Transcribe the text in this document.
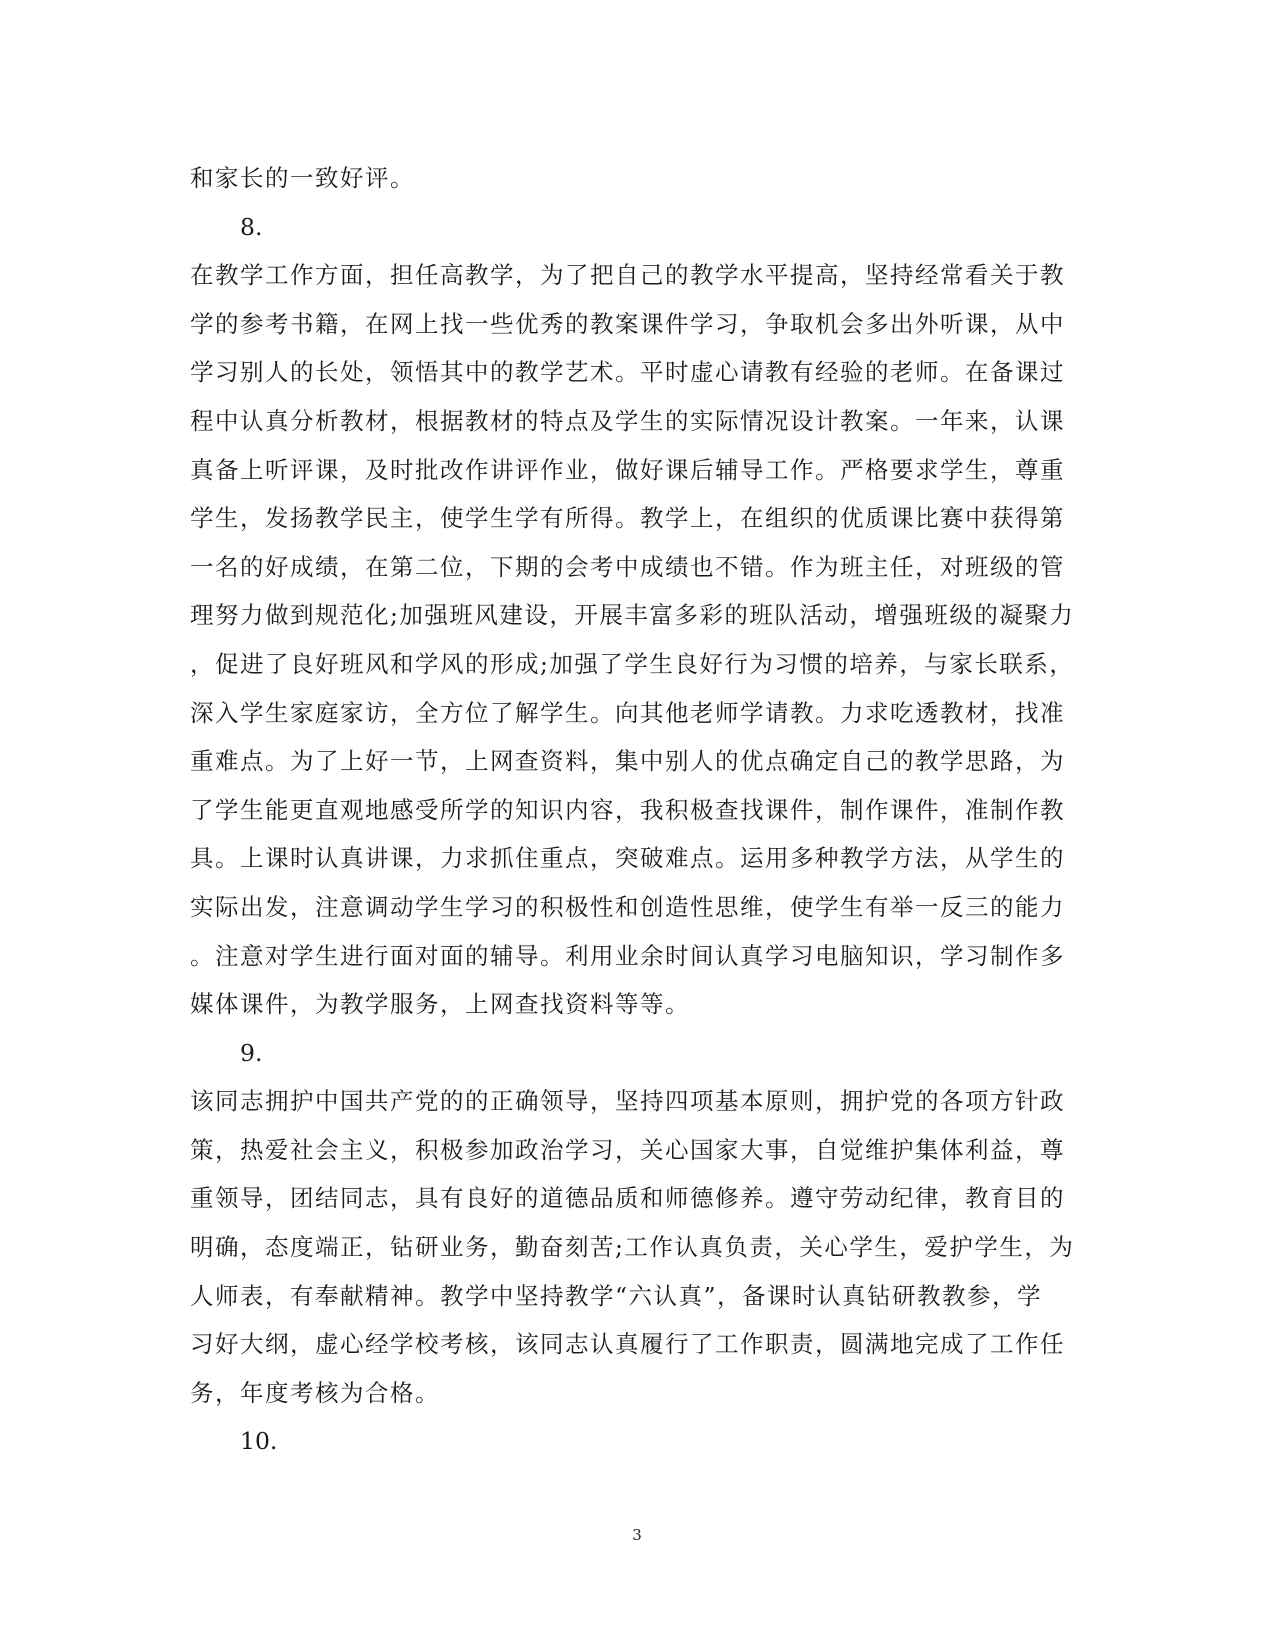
和家长的一致好评。
8.
在教学工作方面，担任高教学，为了把自己的教学水平提高，坚持经常看关于教
学的参考书籍，在网上找一些优秀的教案课件学习，争取机会多出外听课，从中
学习别人的长处，领悟其中的教学艺术。平时虚心请教有经验的老师。在备课过
程中认真分析教材，根据教材的特点及学生的实际情况设计教案。一年来，认课
真备上听评课，及时批改作讲评作业，做好课后辅导工作。严格要求学生，尊重
学生，发扬教学民主，使学生学有所得。教学上，在组织的优质课比赛中获得第
一名的好成绩，在第二位，下期的会考中成绩也不错。作为班主任，对班级的管
理努力做到规范化;加强班风建设，开展丰富多彩的班队活动，增强班级的凝聚力
，促进了良好班风和学风的形成;加强了学生良好行为习惯的培养，与家长联系，
深入学生家庭家访，全方位了解学生。向其他老师学请教。力求吃透教材，找准
重难点。为了上好一节，上网查资料，集中别人的优点确定自己的教学思路，为
了学生能更直观地感受所学的知识内容，我积极查找课件，制作课件，准制作教
具。上课时认真讲课，力求抓住重点，突破难点。运用多种教学方法，从学生的
实际出发，注意调动学生学习的积极性和创造性思维，使学生有举一反三的能力
。注意对学生进行面对面的辅导。利用业余时间认真学习电脑知识，学习制作多
媒体课件，为教学服务，上网查找资料等等。
9.
该同志拥护中国共产党的的正确领导，坚持四项基本原则，拥护党的各项方针政
策，热爱社会主义，积极参加政治学习，关心国家大事，自觉维护集体利益，尊
重领导，团结同志，具有良好的道德品质和师德修养。遵守劳动纪律，教育目的
明确，态度端正，钻研业务，勤奋刻苦;工作认真负责，关心学生，爱护学生，为
人师表，有奉献精神。教学中坚持教学“六认真”，备课时认真钻研教教参，学
习好大纲，虚心经学校考核，该同志认真履行了工作职责，圆满地完成了工作任
务，年度考核为合格。
10.
3
